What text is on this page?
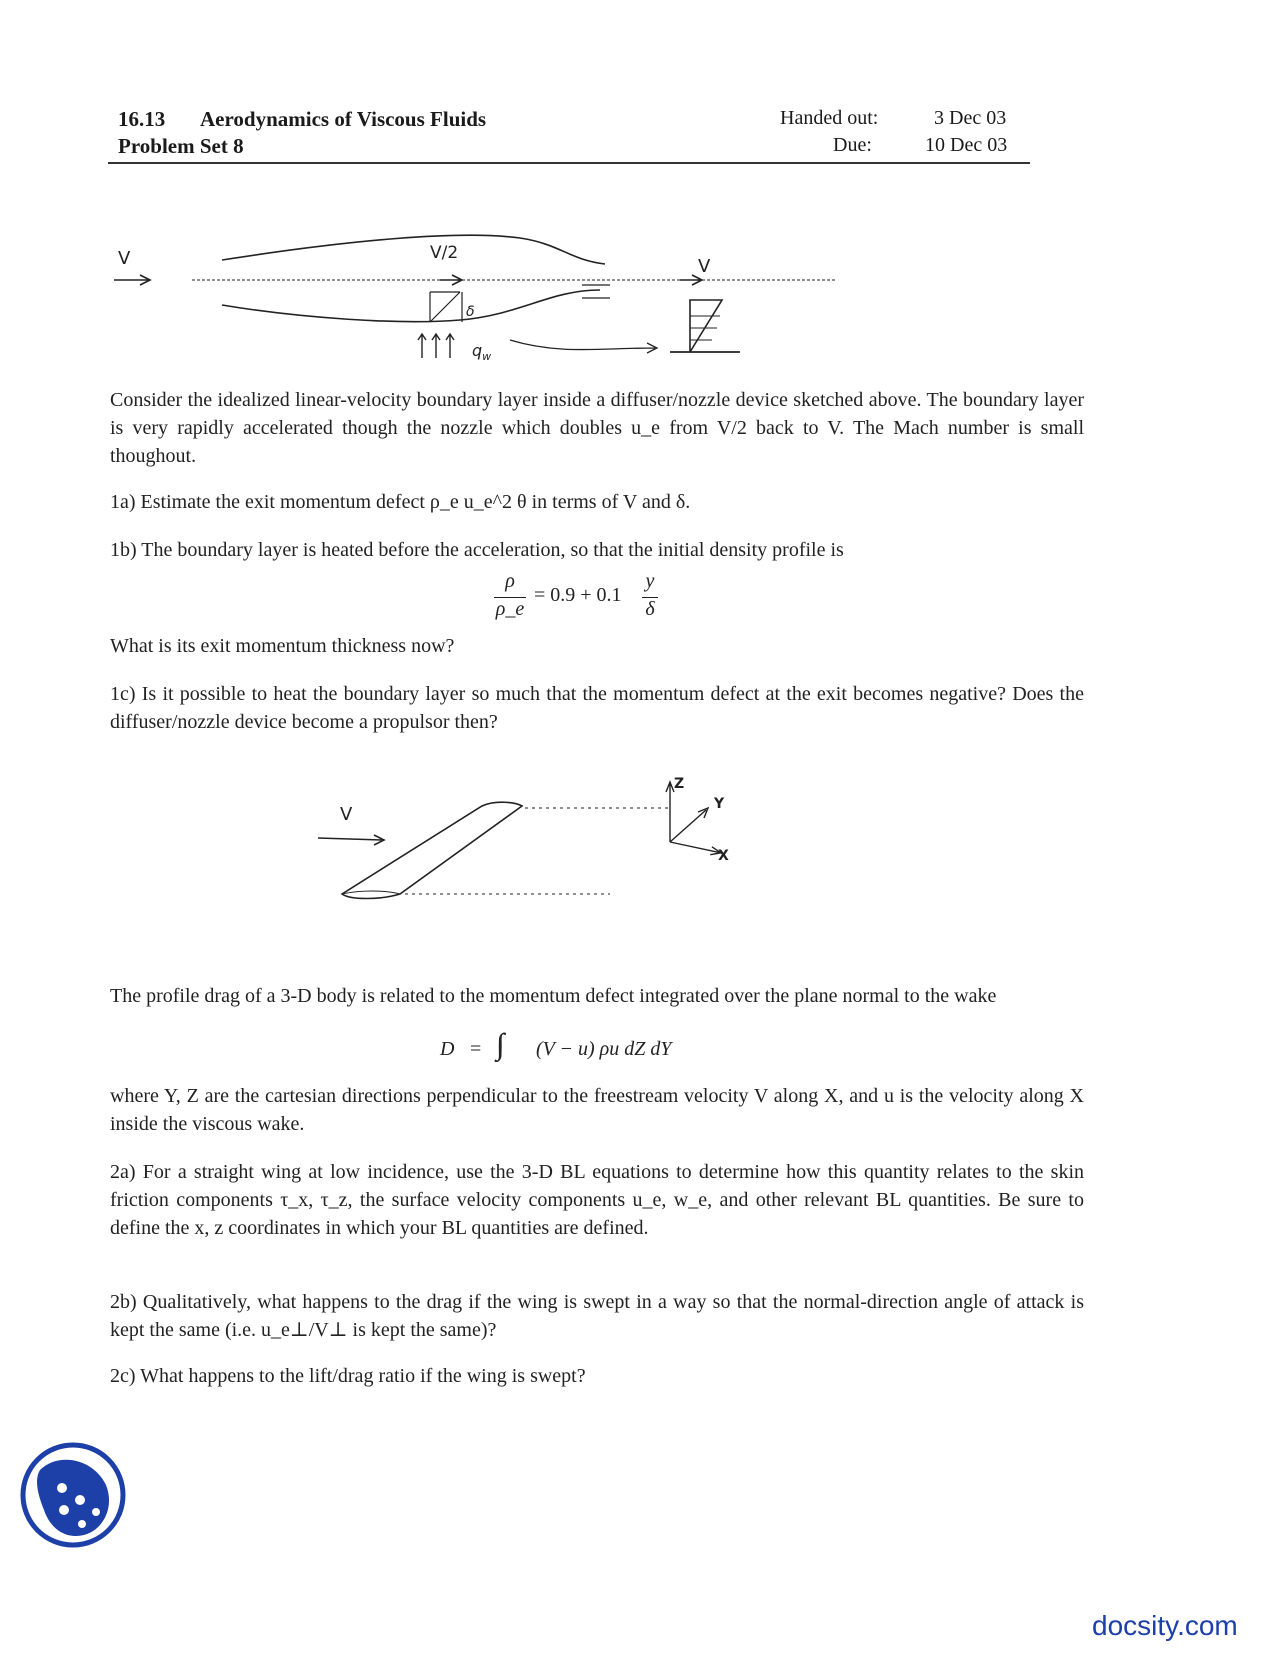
16.13 Aerodynamics of Viscous Fluids
Problem Set 8
Handed out:	3 Dec 03
Due:	10 Dec 03
V	V/2
V
δ
$q_w$
Consider the idealized linear-velocity boundary layer inside a diffuser/nozzle device sketched above. The boundary layer is very rapidly accelerated though the nozzle which doubles u_e from V/2 back to V. The Mach number is small thoughout.
1a) Estimate the exit momentum defect ρ_e u_e^2 θ in terms of V and δ.
1b) The boundary layer is heated before the acceleration, so that the initial density profile is
ρ
ρ_e
= 0.9 + 0.1
y
δ
What is its exit momentum thickness now?
1c) Is it possible to heat the boundary layer so much that the momentum defect at the exit becomes negative? Does the diffuser/nozzle device become a propulsor then?
V
Z
Y
X
The profile drag of a 3-D body is related to the momentum defect integrated over the plane normal to the wake
D = ∫∫ (V − u) ρu dZ dY
where Y, Z are the cartesian directions perpendicular to the freestream velocity V along X, and u is the velocity along X inside the viscous wake.
2a) For a straight wing at low incidence, use the 3-D BL equations to determine how this quantity relates to the skin friction components τ_x, τ_z, the surface velocity components u_e, w_e, and other relevant BL quantities. Be sure to define the x, z coordinates in which your BL quantities are defined.
2b) Qualitatively, what happens to the drag if the wing is swept in a way so that the normal-direction angle of attack is kept the same (i.e. u_e⊥/V⊥ is kept the same)?
2c) What happens to the lift/drag ratio if the wing is swept?
docsity.com
